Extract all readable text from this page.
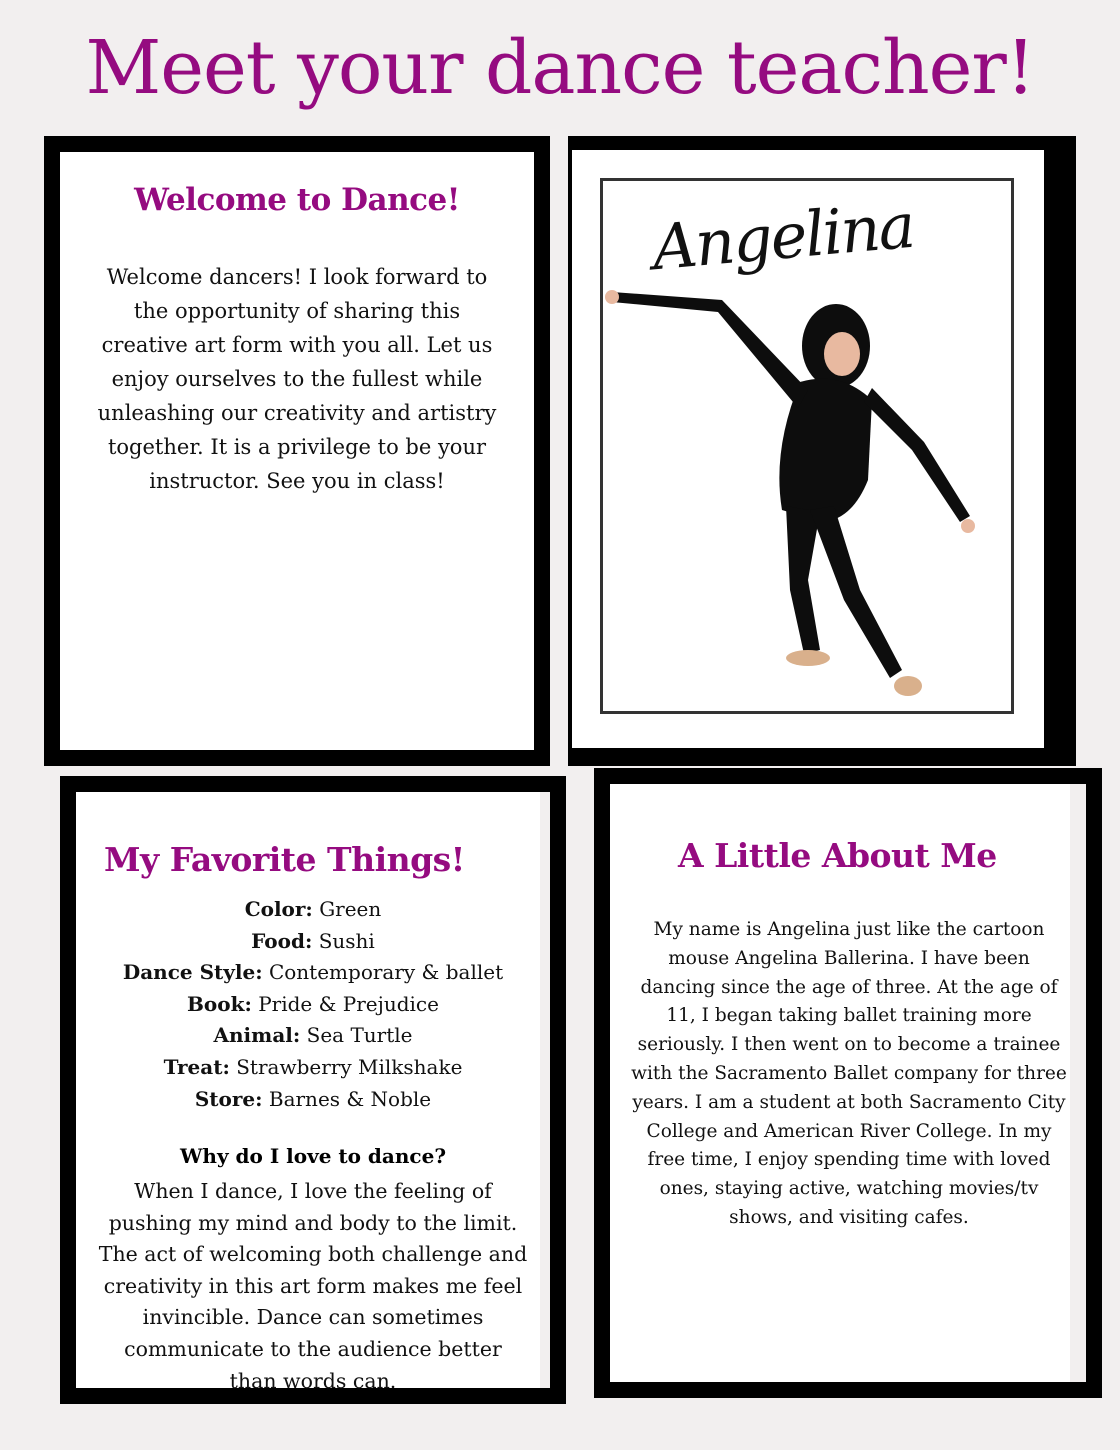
Meet your dance teacher!
Welcome to Dance!
Welcome dancers! I look forward to the opportunity of sharing this creative art form with you all. Let us enjoy ourselves to the fullest while unleashing our creativity and artistry together. It is a privilege to be your instructor. See you in class!
Angelina
My Favorite Things!
Color: Green
Food: Sushi
Dance Style: Contemporary & ballet
Book: Pride & Prejudice
Animal: Sea Turtle
Treat: Strawberry Milkshake
Store: Barnes & Noble
Why do I love to dance?
When I dance, I love the feeling of pushing my mind and body to the limit. The act of welcoming both challenge and creativity in this art form makes me feel invincible. Dance can sometimes communicate to the audience better than words can.
A Little About Me
My name is Angelina just like the cartoon mouse Angelina Ballerina. I have been dancing since the age of three. At the age of 11, I began taking ballet training more seriously. I then went on to become a trainee with the Sacramento Ballet company for three years. I am a student at both Sacramento City College and American River College. In my free time, I enjoy spending time with loved ones, staying active, watching movies/tv shows, and visiting cafes.
